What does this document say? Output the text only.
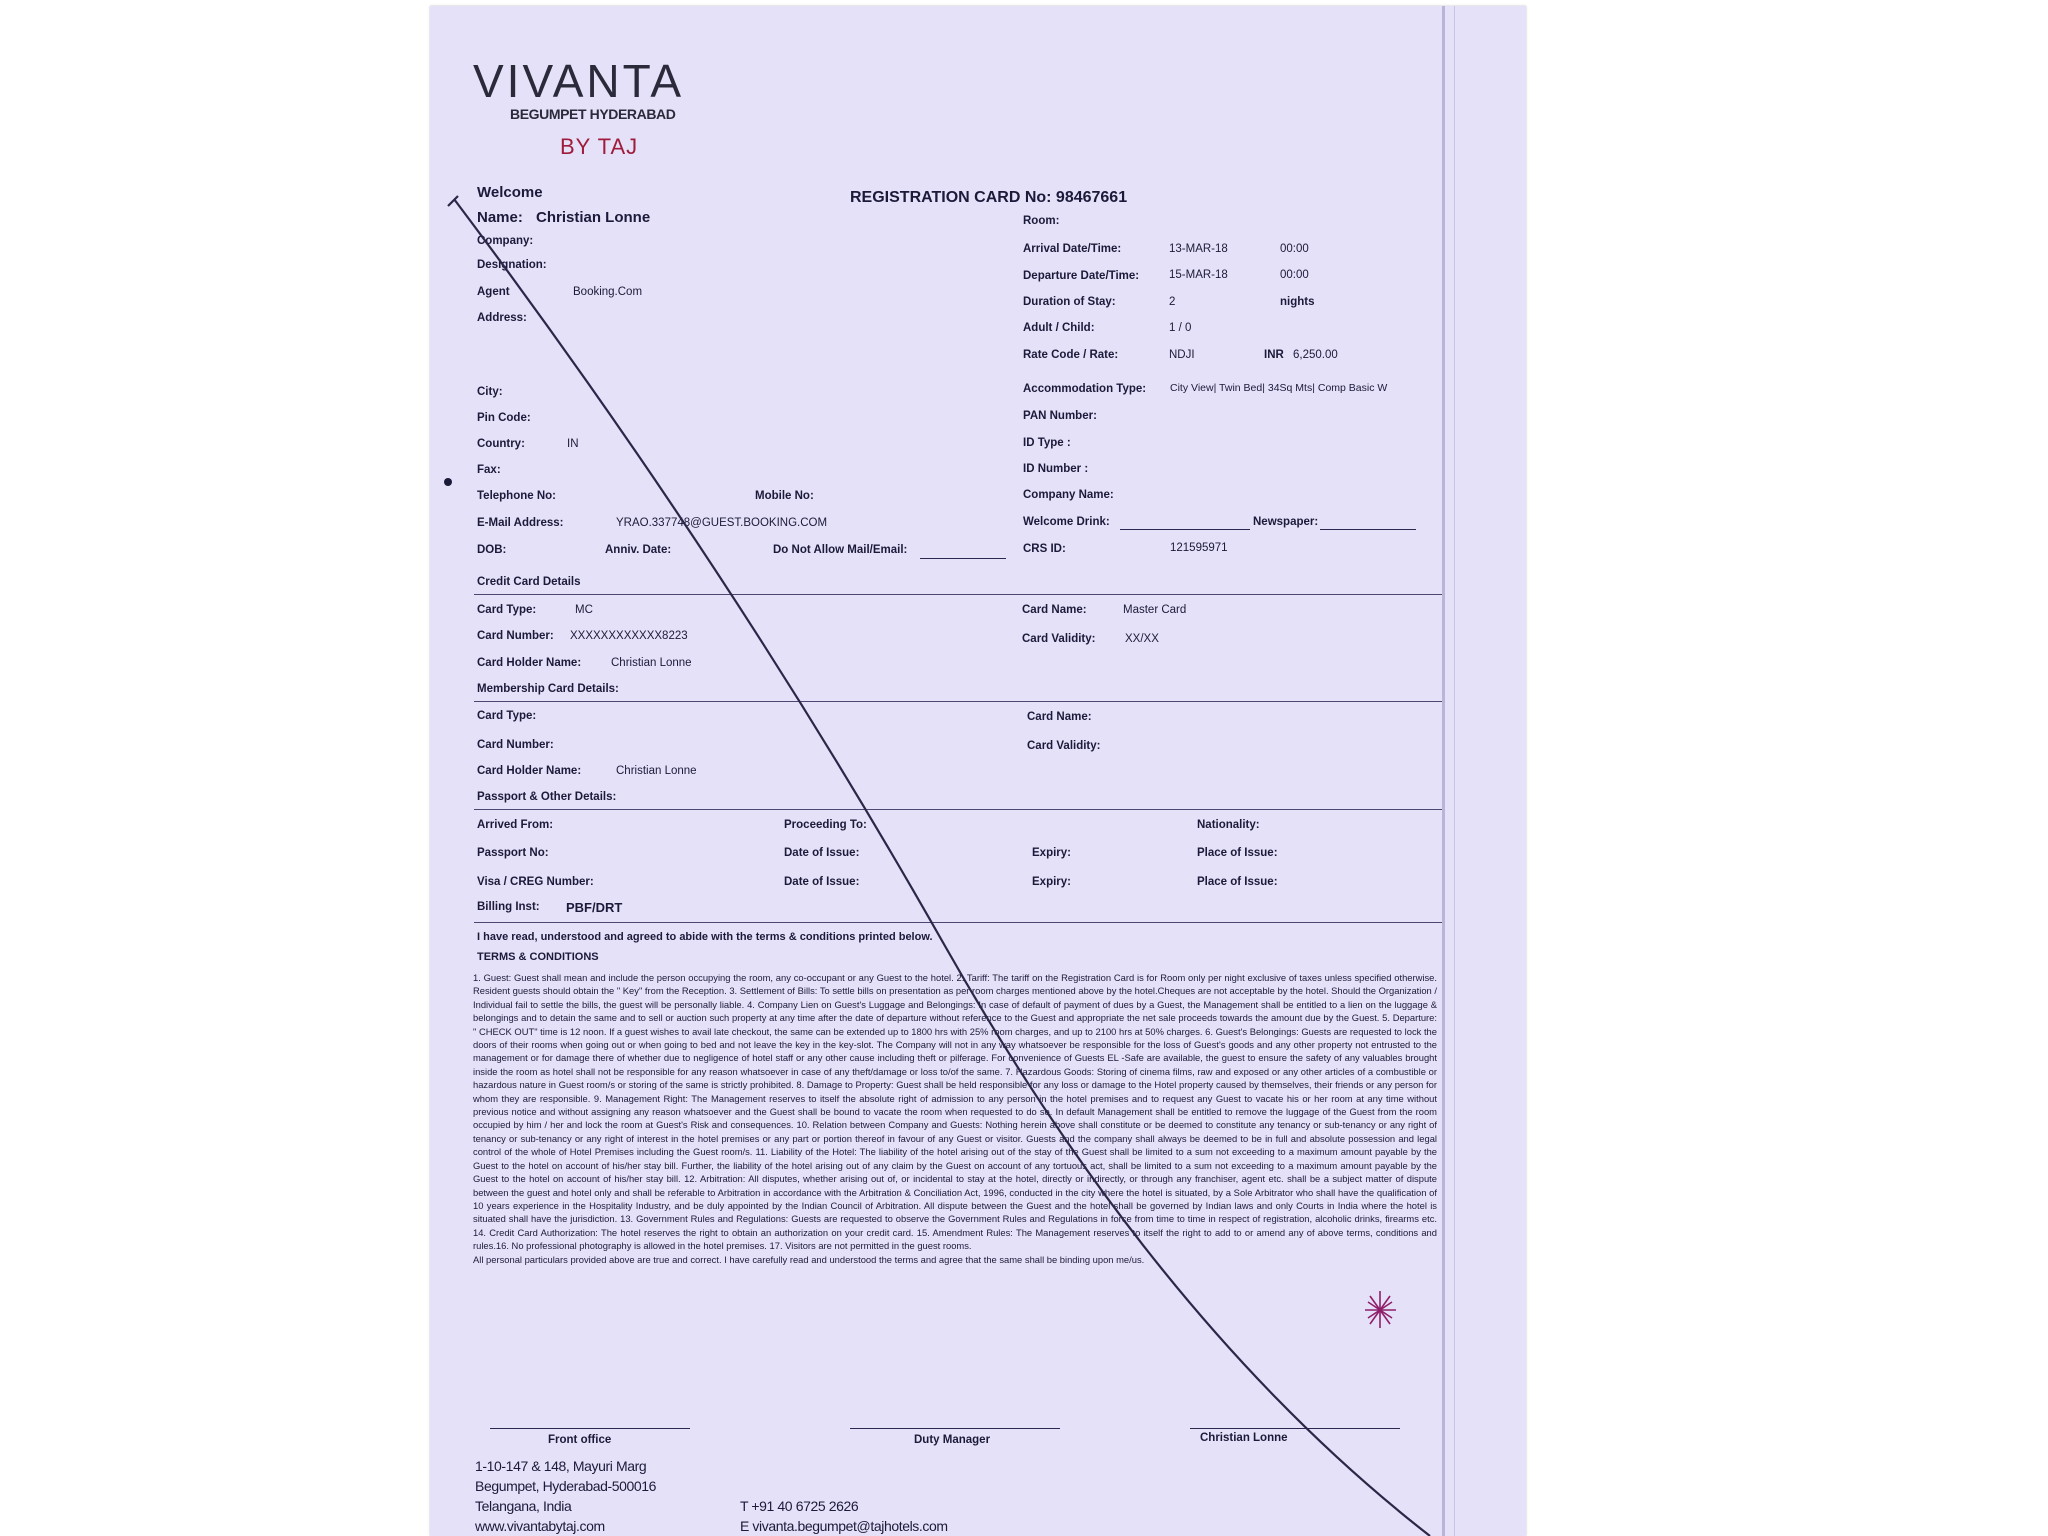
VIVANTA
BEGUMPET HYDERABAD
BY TAJ
REGISTRATION CARD No: 98467661
Welcome
Name: Christian Lonne
Company:
Designation:
Agent	Booking.Com
Address:
City:
Pin Code:
Country:	IN
Fax:
Telephone No:	Mobile No:
E-Mail Address:	YRAO.337748@GUEST.BOOKING.COM
DOB:	Anniv. Date:	Do Not Allow Mail/Email:
Room:
Arrival Date/Time:	13-MAR-18	00:00
Departure Date/Time:	15-MAR-18	00:00
Duration of Stay:	2	nights
Adult / Child:	1 / 0
Rate Code / Rate:	NDJI	INR 6,250.00
Accommodation Type: City View| Twin Bed| 34Sq Mts| Comp Basic W
PAN Number:
ID Type :
ID Number :
Company Name:
Welcome Drink:	Newspaper:
CRS ID:	121595971
Credit Card Details
Card Type:	MC
Card Number: XXXXXXXXXXXX8223
Card Holder Name:	Christian Lonne
Card Name:	Master Card
Card Validity:	XX/XX
Membership Card Details:
Card Type:
Card Number:
Card Holder Name:	Christian Lonne
Card Name:
Card Validity:
Passport & Other Details:
Arrived From:	Proceeding To:	Nationality:
Passport No:	Date of Issue:	Expiry:	Place of Issue:
Visa / CREG Number:	Date of Issue:	Expiry:	Place of Issue:
Billing Inst: PBF/DRT
I have read, understood and agreed to abide with the terms & conditions printed below.
TERMS & CONDITIONS

1. Guest: Guest shall mean and include the person occupying the room, any co-occupant or any Guest to the hotel. 2. Tariff: The tariff on the Registration Card is for Room only per night exclusive of taxes unless specified otherwise. Resident guests should obtain the " Key" from the Reception. 3. Settlement of Bills: To settle bills on presentation as per room charges mentioned above by the hotel.Cheques are not acceptable by the hotel. Should the Organization / Individual fail to settle the bills, the guest will be personally liable. 4. Company Lien on Guest's Luggage and Belongings: In case of default of payment of dues by a Guest, the Management shall be entitled to a lien on the luggage & belongings and to detain the same and to sell or auction such property at any time after the date of departure without reference to the Guest and appropriate the net sale proceeds towards the amount due by the Guest. 5. Departure: " CHECK OUT" time is 12 noon. If a guest wishes to avail late checkout, the same can be extended up to 1800 hrs with 25% room charges, and up to 2100 hrs at 50% charges. 6. Guest's Belongings: Guests are requested to lock the doors of their rooms when going out or when going to bed and not leave the key in the key-slot. The Company will not in any way whatsoever be responsible for the loss of Guest's goods and any other property not entrusted to the management or for damage there of whether due to negligence of hotel staff or any other cause including theft or pilferage. For convenience of Guests EL -Safe are available, the guest to ensure the safety of any valuables brought inside the room as hotel shall not be responsible for any reason whatsoever in case of any theft/damage or loss to/of the same. 7. Hazardous Goods: Storing of cinema films, raw and exposed or any other articles of a combustible or hazardous nature in Guest room/s or storing of the same is strictly prohibited. 8. Damage to Property: Guest shall be held responsible for any loss or damage to the Hotel property caused by themselves, their friends or any person for whom they are responsible. 9. Management Right: The Management reserves to itself the absolute right of admission to any person in the hotel premises and to request any Guest to vacate his or her room at any time without previous notice and without assigning any reason whatsoever and the Guest shall be bound to vacate the room when requested to do so. In default Management shall be entitled to remove the luggage of the Guest from the room occupied by him / her and lock the room at Guest's Risk and consequences. 10. Relation between Company and Guests: Nothing herein above shall constitute or be deemed to constitute any tenancy or sub-tenancy or any right of tenancy or sub-tenancy or any right of interest in the hotel premises or any part or portion thereof in favour of any Guest or visitor. Guests and the company shall always be deemed to be in full and absolute possession and legal control of the whole of Hotel Premises including the Guest room/s. 11. Liability of the Hotel: The liability of the hotel arising out of the stay of the Guest shall be limited to a sum not exceeding to a maximum amount payable by the Guest to the hotel on account of his/her stay bill. Further, the liability of the hotel arising out of any claim by the Guest on account of any tortuous act, shall be limited to a sum not exceeding to a maximum amount payable by the Guest to the hotel on account of his/her stay bill. 12. Arbitration: All disputes, whether arising out of, or incidental to stay at the hotel, directly or indirectly, or through any franchiser, agent etc. shall be a subject matter of dispute between the guest and hotel only and shall be referable to Arbitration in accordance with the Arbitration & Conciliation Act, 1996, conducted in the city where the hotel is situated, by a Sole Arbitrator who shall have the qualification of 10 years experience in the Hospitality Industry, and be duly appointed by the Indian Council of Arbitration. All dispute between the Guest and the hotel shall be governed by Indian laws and only Courts in India where the hotel is situated shall have the jurisdiction. 13. Government Rules and Regulations: Guests are requested to observe the Government Rules and Regulations in force from time to time in respect of registration, alcoholic drinks, firearms etc. 14. Credit Card Authorization: The hotel reserves the right to obtain an authorization on your credit card. 15. Amendment Rules: The Management reserves to itself the right to add to or amend any of above terms, conditions and rules.16. No professional photography is allowed in the hotel premises. 17. Visitors are not permitted in the guest rooms.

All personal particulars provided above are true and correct. I have carefully read and understood the terms and agree that the same shall be binding upon me/us.

Front office	Duty Manager	Christian Lonne
1-10-147 & 148, Mayuri Marg
Begumpet, Hyderabad-500016
Telangana, India
www.vivantabytaj.com
T +91 40 6725 2626
E vivanta.begumpet@tajhotels.com
